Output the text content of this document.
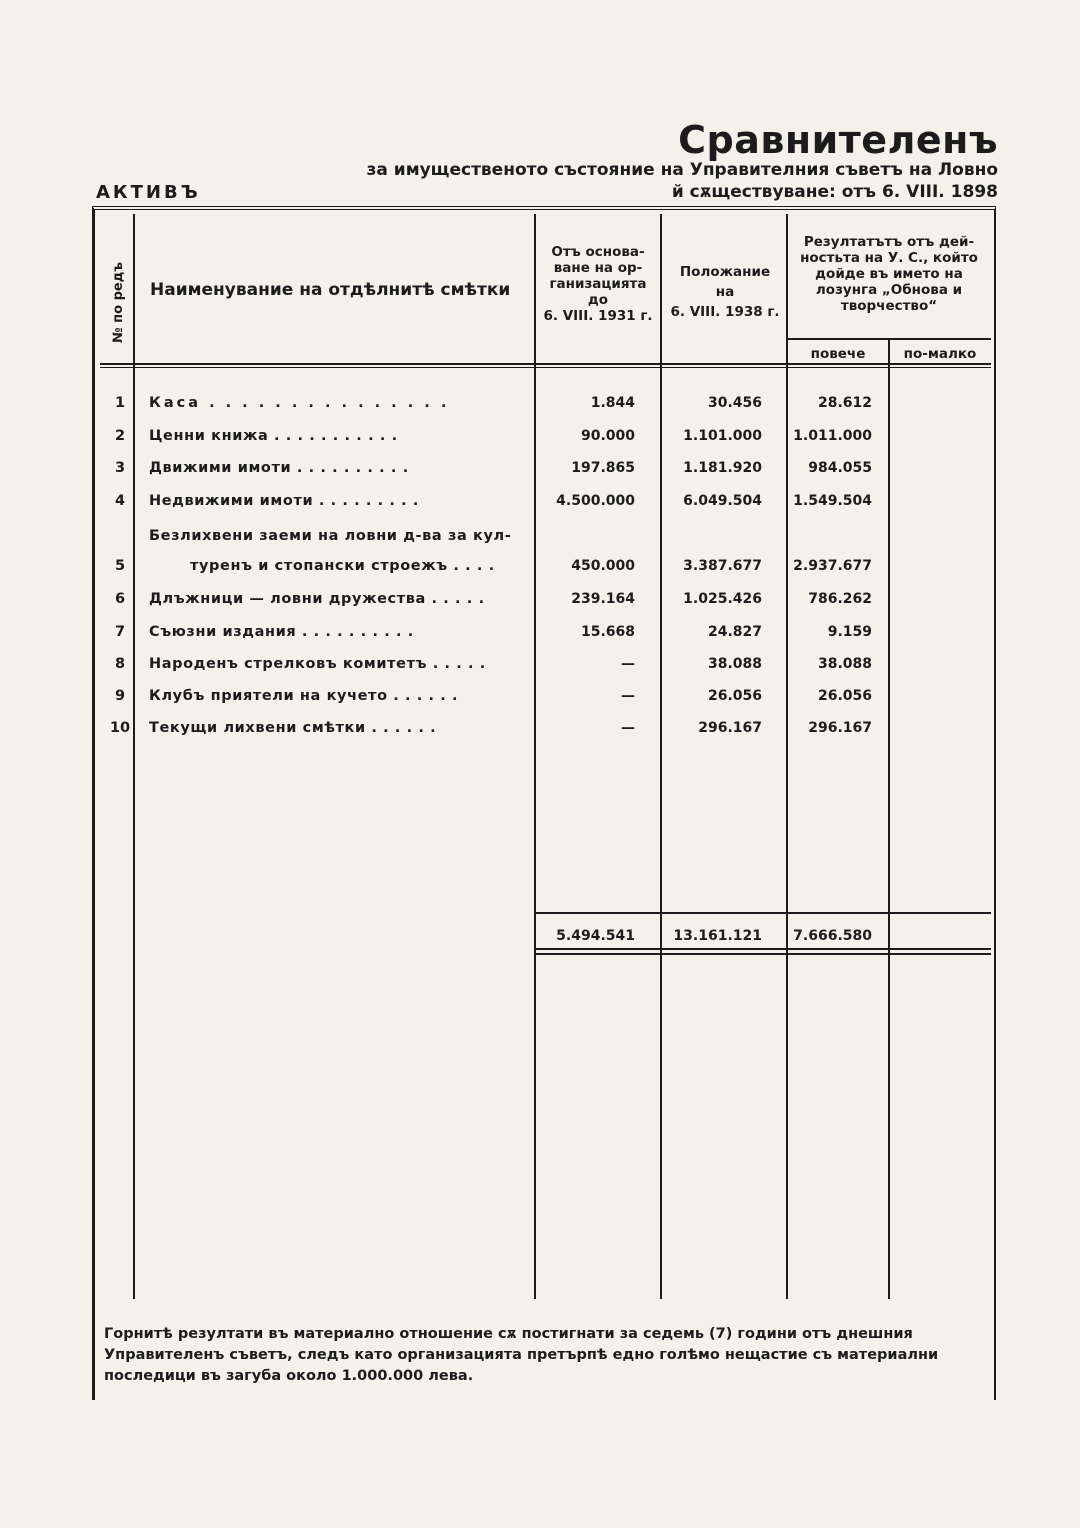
Сравнителенъ
за имущественото състояние на Управителния съветъ на Ловно
й сѫществуване: отъ 6. VIII. 1898
АКТИВЪ
№ по редъ Наименувание на отдѣлнитѣ смѣтки
Отъ основа-
ване на ор-
ганизацията
до
6. VIII. 1931 г.
Положание
на
6. VIII. 1938 г.
Резултатътъ отъ дей-
ностьта на У. С., който
дойде въ името на
лозунга „Обнова и
творчество“
повече	по-малко
1	Каса . . . . . . . . . . . . . . .	1.844	30.456	28.612
2	Ценни книжа . . . . . . . . . . .	90.000	1.101.000 1.011.000
3	Движими имоти . . . . . . . . . .	197.865	1.181.920	984.055
4	Недвижими имоти . . . . . . . . .	4.500.000	6.049.504 1.549.504
Безлихвени заеми на ловни д-ва за кул-
5	туренъ и стопански строежъ . . . .	450.000	3.387.677 2.937.677
6	Длъжници — ловни дружества . . . . .	239.164	1.025.426	786.262
7	Съюзни издания . . . . . . . . . .	15.668	24.827	9.159
8	Народенъ стрелковъ комитетъ . . . . .	—	38.088	38.088
9	Клубъ приятели на кучето . . . . . .	—	26.056	26.056
10	Текущи лихвени смѣтки . . . . . .	—	296.167	296.167
5.494.541	13.161.121 7.666.580
Горнитѣ резултати въ материално отношение сѫ постигнати за седемь (7) години отъ днешния Управителенъ съветъ, следъ като организацията претърпѣ едно голѣмо нещастие съ материални последици въ загуба около 1.000.000 лева.
